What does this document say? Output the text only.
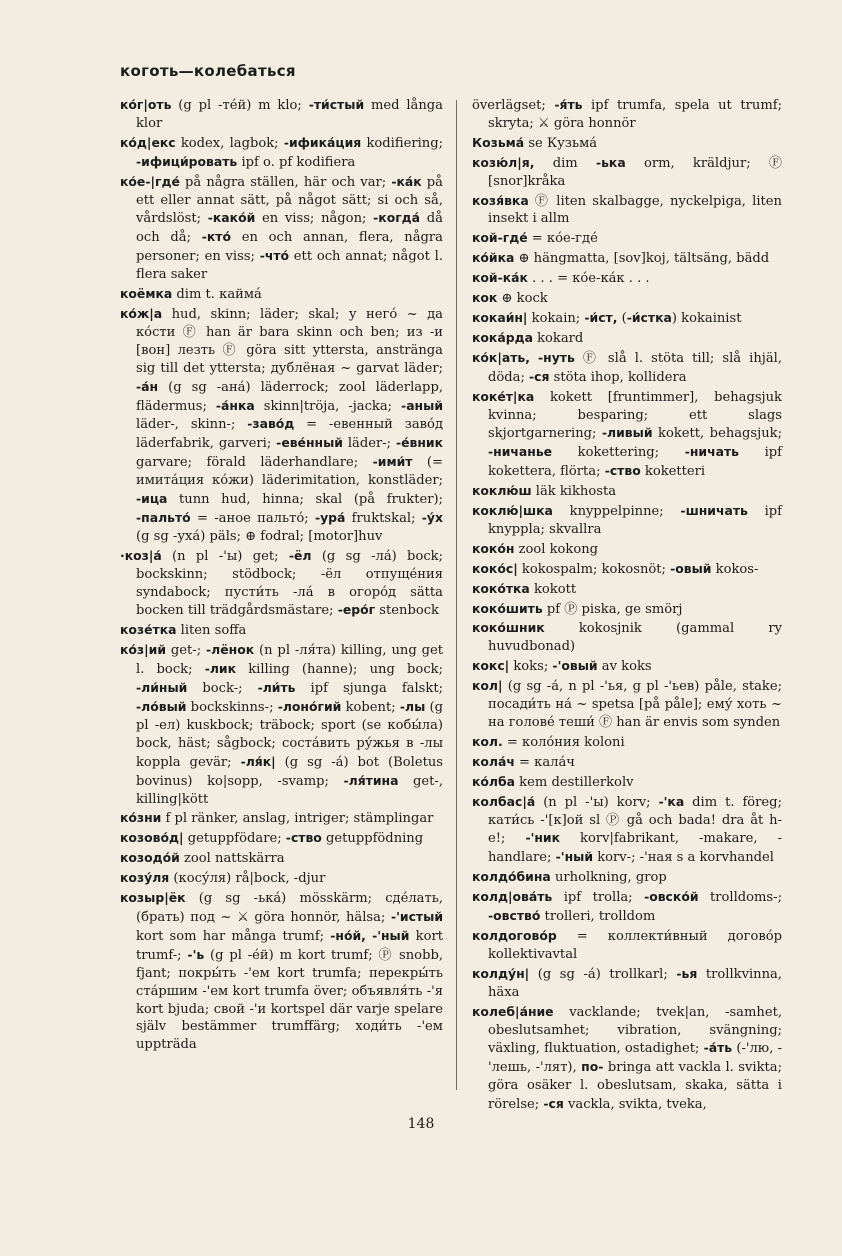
коготь—колебаться

ко́г|оть (g pl -те́й) m klo; -ти́стый med långa klor

ко́д|екс kodex, lagbok; -ифика́ция kodifiering; -ифици́ровать ipf o. pf kodifiera

ко́е-|где́ på några ställen, här och var; -ка́к på ett eller annat sätt, på något sätt; si och så, vårdslöst; -како́й en viss; någon; -когда́ då och då; -кто́ en och annan, flera, några personer; en viss; -что́ ett och annat; något l. flera saker

коёмка dim t. каймá

ко́ж|а hud, skinn; läder; skal; у него́ ~ да ко́сти Ⓕ han är bara skinn och ben; из -и [вон] лезть Ⓕ göra sitt yttersta, anstränga sig till det yttersta; дублёная ~ garvat läder; -а́н (g sg -ана́) läderrock; zool läderlapp, flädermus; -а́нка skinn|tröja, -jacka; -аный läder-, skinn-; -заво́д = -евенный заво́д läderfabrik, garveri; -еве́нный läder-; -е́вник garvare; förald läderhandlare; -ими́т (= имита́ция ко́жи) läderimitation, konstläder; -ица tunn hud, hinna; skal (på frukter); -пальто́ = -аное пальто́; -ура́ fruktskal; -у́х (g sg -уха́) päls; ⊕ fodral; [motor]huv

·коз|а́ (n pl -'ы) get; -ёл (g sg -ла́) bock; bockskinn; stödbock; -ёл отпуще́ния syndabock; пусти́ть -ла́ в огоро́д sätta bocken till trädgårdsmästare; -еро́г stenbock

козе́тка liten soffa

ко́з|ий get-; -лёнок (n pl -ля́та) killing, ung get l. bock; -лик killing (hanne); ung bock; -ли́ный bock-; -ли́ть ipf sjunga falskt; -ло́вый bockskinns-; -лоно́гий kobent; -лы (g pl -ел) kuskbock; träbock; sport (se кобы́ла) bock, häst; sågbock; соста́вить ру́жья в -лы koppla gevär; -ля́к| (g sg -а́) bot (Boletus bovinus) ko|sopp, -svamp; -ля́тина get-, killing|kött

ко́зни f pl ränker, anslag, intriger; stämplingar

козово́д| getuppfödare; -ство getuppfödning

козодо́й zool nattskärra

козу́ля (косу́ля) rå|bock, -djur

козыр|ёк (g sg -ька́) mösskärm; сде́лать, (брать) под ~ ⚔ göra honnör, hälsa; -'истый kort som har många trumf; -но́й, -'ный kort trumf-; -'ь (g pl -е́й) m kort trumf; Ⓟ snobb, fjant; покры́ть -'ем kort trumfa; перекры́ть ста́ршим -'ем kort trumfa över; объявля́ть -'я kort bjuda; свой -'и kortspel där varje spelare själv bestämmer trumffärg; ходи́ть -'ем uppträda

överlägset; -я́ть ipf trumfa, spela ut trumf; skryta; ⚔ göra honnör

Козьма́ se Кузьма́

козю́л|я, dim -ька orm, kräldjur; Ⓕ [snor]kråka

козя́вка Ⓕ liten skalbagge, nyckelpiga, liten insekt i allm

кой-где́ = ко́е-где́

ко́йка ⊕ hängmatta, [sov]koj, tältsäng, bädd

кой-ка́к . . . = ко́е-ка́к . . .

кок ⊕ kock

кокаи́н| kokain; -и́ст, (-и́стка) kokainist

кока́рда kokard

ко́к|ать, -нуть Ⓕ slå l. stöta till; slå ihjäl, döda; -ся stöta ihop, kollidera

коке́т|ка kokett [fruntimmer], behagsjuk kvinna; besparing; ett slags skjortgarnering; -ливый kokett, behagsjuk; -ничанье kokettering; -ничать ipf kokettera, flörta; -ство koketteri

коклю́ш läk kikhosta

коклю́|шка knyppelpinne; -шничать ipf knyppla; skvallra

коко́н zool kokong

коко́с| kokospalm; kokosnöt; -овый kokos-

коко́тка kokott

коко́шить pf Ⓟ piska, ge smörj

коко́шник kokosjnik (gammal ry huvudbonad)

кокс| koks; -'овый av koks

кол| (g sg -а́, n pl -'ья, g pl -'ьев) påle, stake; посади́ть на́ ~ spetsa [på påle]; ему́ хоть ~ на голове́ теши́ Ⓕ han är envis som synden

кол. = коло́ния koloni

кола́ч = кала́ч

ко́лба kem destillerkolv

колбас|а́ (n pl -'ы) korv; -'ка dim t. föreg; кати́сь -'[к]ой sl Ⓟ gå och bada! dra åt h-e!; -'ник korv|fabrikant, -makare, -handlare; -'ный korv-; -'ная s a korvhandel

колдо́бина urholkning, grop

колд|ова́ть ipf trolla; -овско́й trolldoms-; -овство́ trolleri, trolldom

колдогово́р = коллекти́вный догово́р kollektivavtal

колду́н| (g sg -а́) trollkarl; -ья trollkvinna, häxa

колеб|а́ние vacklande; tvek|an, -samhet, obeslutsamhet; vibration, svängning; växling, fluktuation, ostadighet; -а́ть (-'лю, -'лешь, -'лят), по- bringa att vackla l. svikta; göra osäker l. obeslutsam, skaka, sätta i rörelse; -ся vackla, svikta, tveka,

148
